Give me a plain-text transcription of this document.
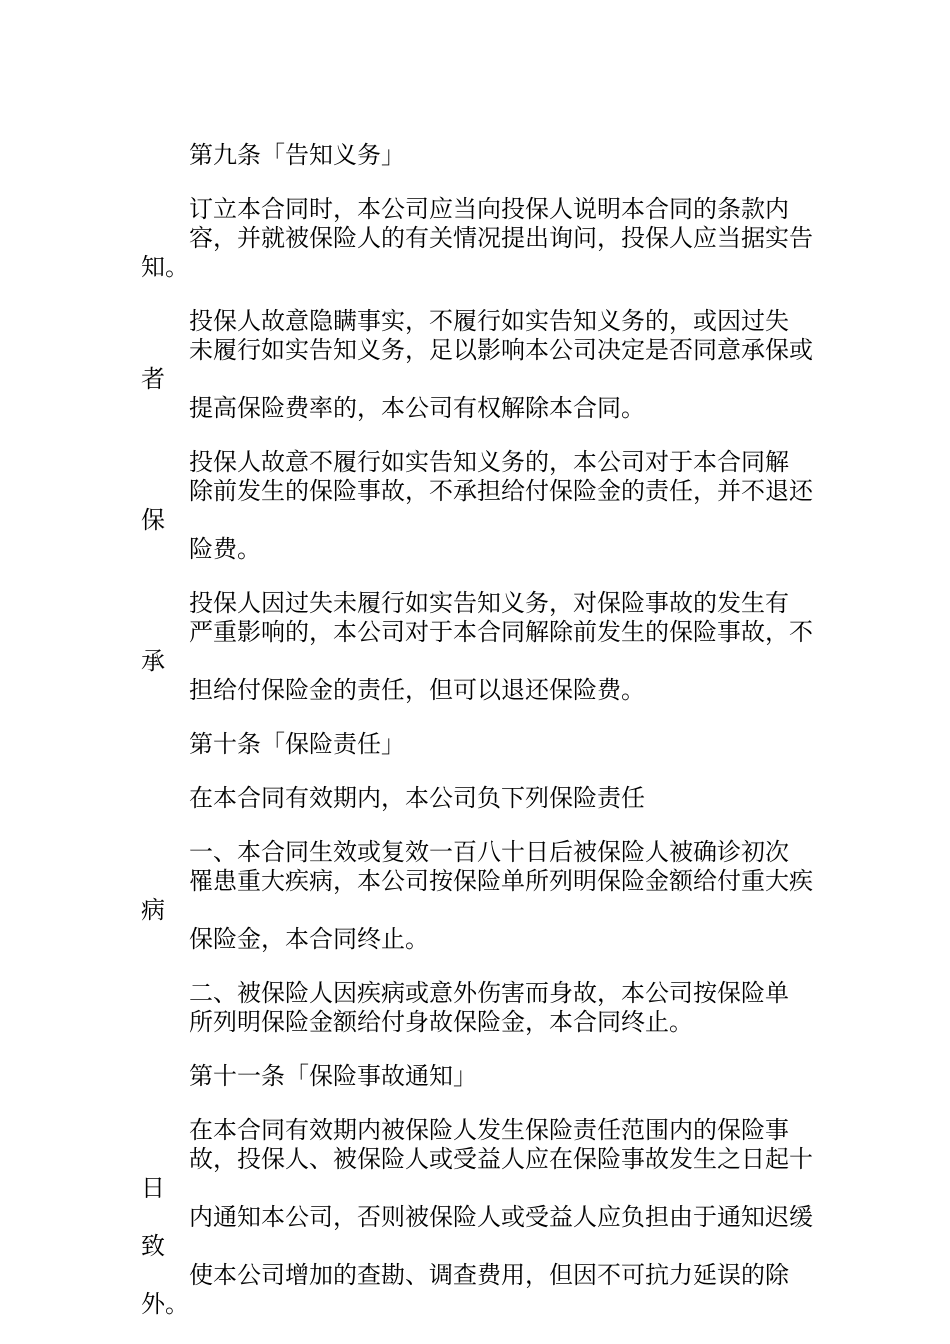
第九条「告知义务」

订立本合同时，本公司应当向投保人说明本合同的条款内
容，并就被保险人的有关情况提出询问，投保人应当据实告知。

投保人故意隐瞒事实，不履行如实告知义务的，或因过失
未履行如实告知义务，足以影响本公司决定是否同意承保或者
提高保险费率的，本公司有权解除本合同。

投保人故意不履行如实告知义务的，本公司对于本合同解
除前发生的保险事故，不承担给付保险金的责任，并不退还保
险费。

投保人因过失未履行如实告知义务，对保险事故的发生有
严重影响的，本公司对于本合同解除前发生的保险事故，不承
担给付保险金的责任，但可以退还保险费。

第十条「保险责任」

在本合同有效期内，本公司负下列保险责任

一、本合同生效或复效一百八十日后被保险人被确诊初次
罹患重大疾病，本公司按保险单所列明保险金额给付重大疾病
保险金，本合同终止。

二、被保险人因疾病或意外伤害而身故，本公司按保险单
所列明保险金额给付身故保险金，本合同终止。

第十一条「保险事故通知」

在本合同有效期内被保险人发生保险责任范围内的保险事
故，投保人、被保险人或受益人应在保险事故发生之日起十日
内通知本公司，否则被保险人或受益人应负担由于通知迟缓致
使本公司增加的查勘、调查费用，但因不可抗力延误的除外。
